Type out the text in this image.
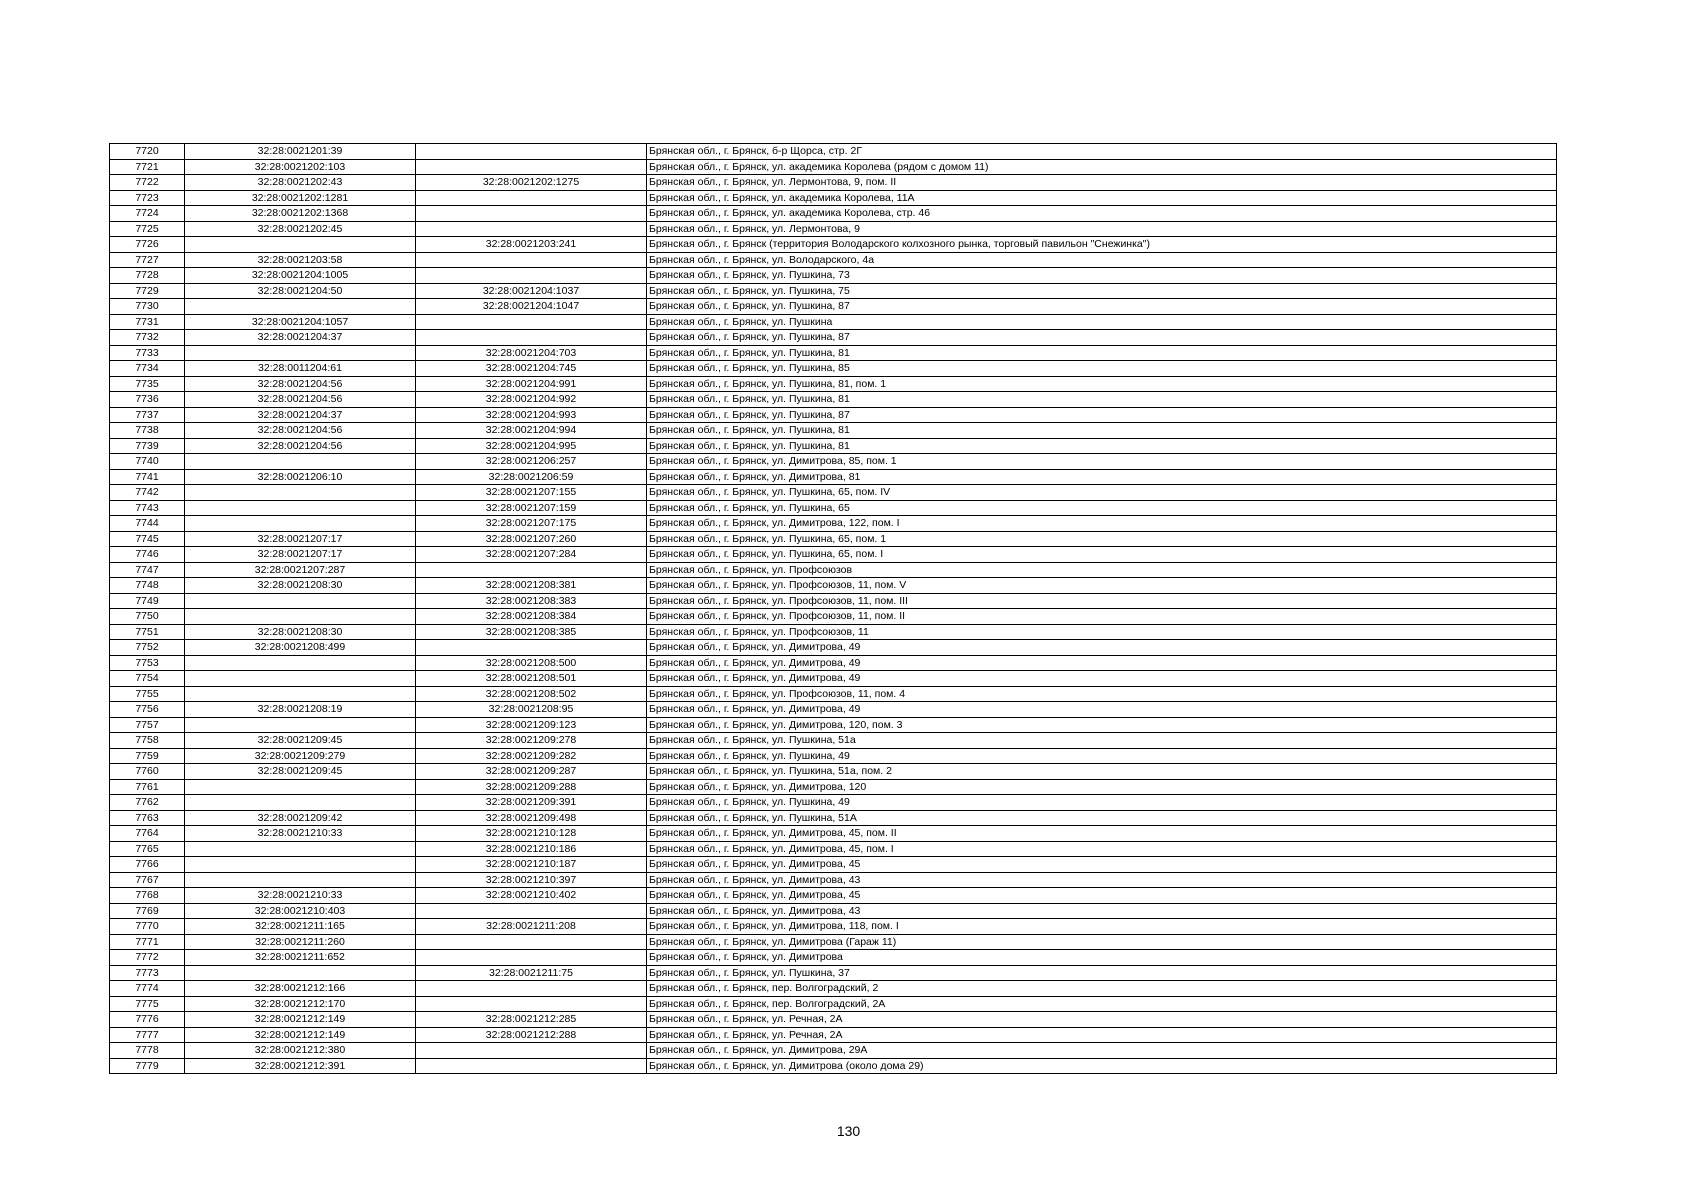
7720	32:28:0021201:39		Брянская обл., г. Брянск, б-р Щорса, стр. 2Г
7721	32:28:0021202:103		Брянская обл., г. Брянск, ул. академика Королева (рядом с домом 11)
7722	32:28:0021202:43	32:28:0021202:1275	Брянская обл., г. Брянск, ул. Лермонтова, 9, пом. II
7723	32:28:0021202:1281		Брянская обл., г. Брянск, ул. академика Королева, 11А
7724	32:28:0021202:1368		Брянская обл., г. Брянск, ул. академика Королева, стр. 46
7725	32:28:0021202:45		Брянская обл., г. Брянск, ул. Лермонтова, 9
7726		32:28:0021203:241	Брянская обл., г. Брянск (территория Володарского колхозного рынка, торговый павильон "Снежинка")
7727	32:28:0021203:58		Брянская обл., г. Брянск, ул. Володарского, 4а
7728	32:28:0021204:1005		Брянская обл., г. Брянск, ул. Пушкина, 73
7729	32:28:0021204:50	32:28:0021204:1037	Брянская обл., г. Брянск, ул. Пушкина, 75
7730		32:28:0021204:1047	Брянская обл., г. Брянск, ул. Пушкина, 87
7731	32:28:0021204:1057		Брянская обл., г. Брянск, ул. Пушкина
7732	32:28:0021204:37		Брянская обл., г. Брянск, ул. Пушкина, 87
7733		32:28:0021204:703	Брянская обл., г. Брянск, ул. Пушкина, 81
7734	32:28:0011204:61	32:28:0021204:745	Брянская обл., г. Брянск, ул. Пушкина, 85
7735	32:28:0021204:56	32:28:0021204:991	Брянская обл., г. Брянск, ул. Пушкина, 81, пом. 1
7736	32:28:0021204:56	32:28:0021204:992	Брянская обл., г. Брянск, ул. Пушкина, 81
7737	32:28:0021204:37	32:28:0021204:993	Брянская обл., г. Брянск, ул. Пушкина, 87
7738	32:28:0021204:56	32:28:0021204:994	Брянская обл., г. Брянск, ул. Пушкина, 81
7739	32:28:0021204:56	32:28:0021204:995	Брянская обл., г. Брянск, ул. Пушкина, 81
7740		32:28:0021206:257	Брянская обл., г. Брянск, ул. Димитрова, 85, пом. 1
7741	32:28:0021206:10	32:28:0021206:59	Брянская обл., г. Брянск, ул. Димитрова, 81
7742		32:28:0021207:155	Брянская обл., г. Брянск, ул. Пушкина, 65, пом. IV
7743		32:28:0021207:159	Брянская обл., г. Брянск, ул. Пушкина, 65
7744		32:28:0021207:175	Брянская обл., г. Брянск, ул. Димитрова, 122, пом. I
7745	32:28:0021207:17	32:28:0021207:260	Брянская обл., г. Брянск, ул. Пушкина, 65, пом. 1
7746	32:28:0021207:17	32:28:0021207:284	Брянская обл., г. Брянск, ул. Пушкина, 65, пом. I
7747	32:28:0021207:287		Брянская обл., г. Брянск, ул. Профсоюзов
7748	32:28:0021208:30	32:28:0021208:381	Брянская обл., г. Брянск, ул. Профсоюзов, 11, пом. V
7749		32:28:0021208:383	Брянская обл., г. Брянск, ул. Профсоюзов, 11, пом. III
7750		32:28:0021208:384	Брянская обл., г. Брянск, ул. Профсоюзов, 11, пом. II
7751	32:28:0021208:30	32:28:0021208:385	Брянская обл., г. Брянск, ул. Профсоюзов, 11
7752	32:28:0021208:499		Брянская обл., г. Брянск, ул. Димитрова, 49
7753		32:28:0021208:500	Брянская обл., г. Брянск, ул. Димитрова, 49
7754		32:28:0021208:501	Брянская обл., г. Брянск, ул. Димитрова, 49
7755		32:28:0021208:502	Брянская обл., г. Брянск, ул. Профсоюзов, 11, пом. 4
7756	32:28:0021208:19	32:28:0021208:95	Брянская обл., г. Брянск, ул. Димитрова, 49
7757		32:28:0021209:123	Брянская обл., г. Брянск, ул. Димитрова, 120, пом. 3
7758	32:28:0021209:45	32:28:0021209:278	Брянская обл., г. Брянск, ул. Пушкина, 51а
7759	32:28:0021209:279	32:28:0021209:282	Брянская обл., г. Брянск, ул. Пушкина, 49
7760	32:28:0021209:45	32:28:0021209:287	Брянская обл., г. Брянск, ул. Пушкина, 51а, пом. 2
7761		32:28:0021209:288	Брянская обл., г. Брянск, ул. Димитрова, 120
7762		32:28:0021209:391	Брянская обл., г. Брянск, ул. Пушкина, 49
7763	32:28:0021209:42	32:28:0021209:498	Брянская обл., г. Брянск, ул. Пушкина, 51А
7764	32:28:0021210:33	32:28:0021210:128	Брянская обл., г. Брянск, ул. Димитрова, 45, пом. II
7765		32:28:0021210:186	Брянская обл., г. Брянск, ул. Димитрова, 45, пом. I
7766		32:28:0021210:187	Брянская обл., г. Брянск, ул. Димитрова, 45
7767		32:28:0021210:397	Брянская обл., г. Брянск, ул. Димитрова, 43
7768	32:28:0021210:33	32:28:0021210:402	Брянская обл., г. Брянск, ул. Димитрова, 45
7769	32:28:0021210:403		Брянская обл., г. Брянск, ул. Димитрова, 43
7770	32:28:0021211:165	32:28:0021211:208	Брянская обл., г. Брянск, ул. Димитрова, 118, пом. I
7771	32:28:0021211:260		Брянская обл., г. Брянск, ул. Димитрова (Гараж 11)
7772	32:28:0021211:652		Брянская обл., г. Брянск, ул. Димитрова
7773		32:28:0021211:75	Брянская обл., г. Брянск, ул. Пушкина, 37
7774	32:28:0021212:166		Брянская обл., г. Брянск, пер. Волгоградский, 2
7775	32:28:0021212:170		Брянская обл., г. Брянск, пер. Волгоградский, 2А
7776	32:28:0021212:149	32:28:0021212:285	Брянская обл., г. Брянск, ул. Речная, 2А
7777	32:28:0021212:149	32:28:0021212:288	Брянская обл., г. Брянск, ул. Речная, 2А
7778	32:28:0021212:380		Брянская обл., г. Брянск, ул. Димитрова, 29А
7779	32:28:0021212:391		Брянская обл., г. Брянск, ул. Димитрова (около дома 29)
130
